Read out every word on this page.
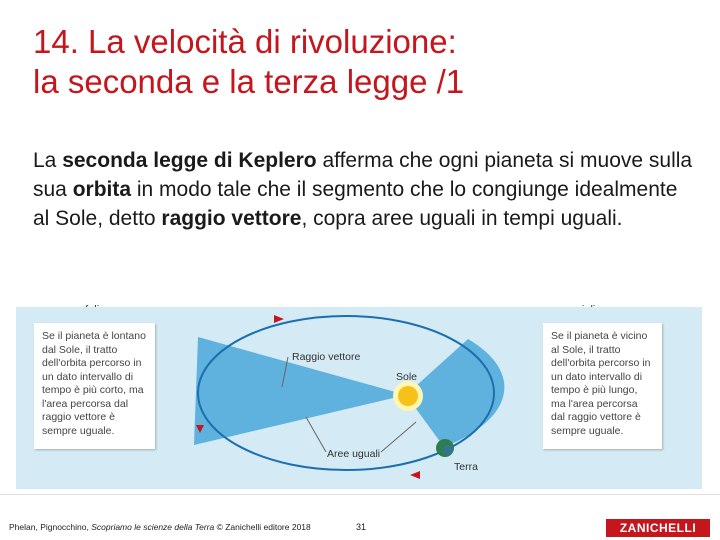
14. La velocità di rivoluzione:
la seconda e la terza legge /1
La seconda legge di Keplero afferma che ogni pianeta si muove sulla sua orbita in modo tale che il segmento che lo congiunge idealmente al Sole, detto raggio vettore, copra aree uguali in tempi uguali.
Se il pianeta è lontano dal Sole, il tratto dell'orbita percorso in un dato intervallo di tempo è più corto, ma l'area percorsa dal raggio vettore è sempre uguale.
Se il pianeta è vicino al Sole, il tratto dell'orbita percorso in un dato intervallo di tempo è più lungo, ma l'area percorsa dal raggio vettore è sempre uguale.
Raggio vettore
Sole
Aree uguali
Terra
Phelan, Pignocchino, Scopriamo le scienze della Terra © Zanichelli editore 2018	31	ZANICHELLI
